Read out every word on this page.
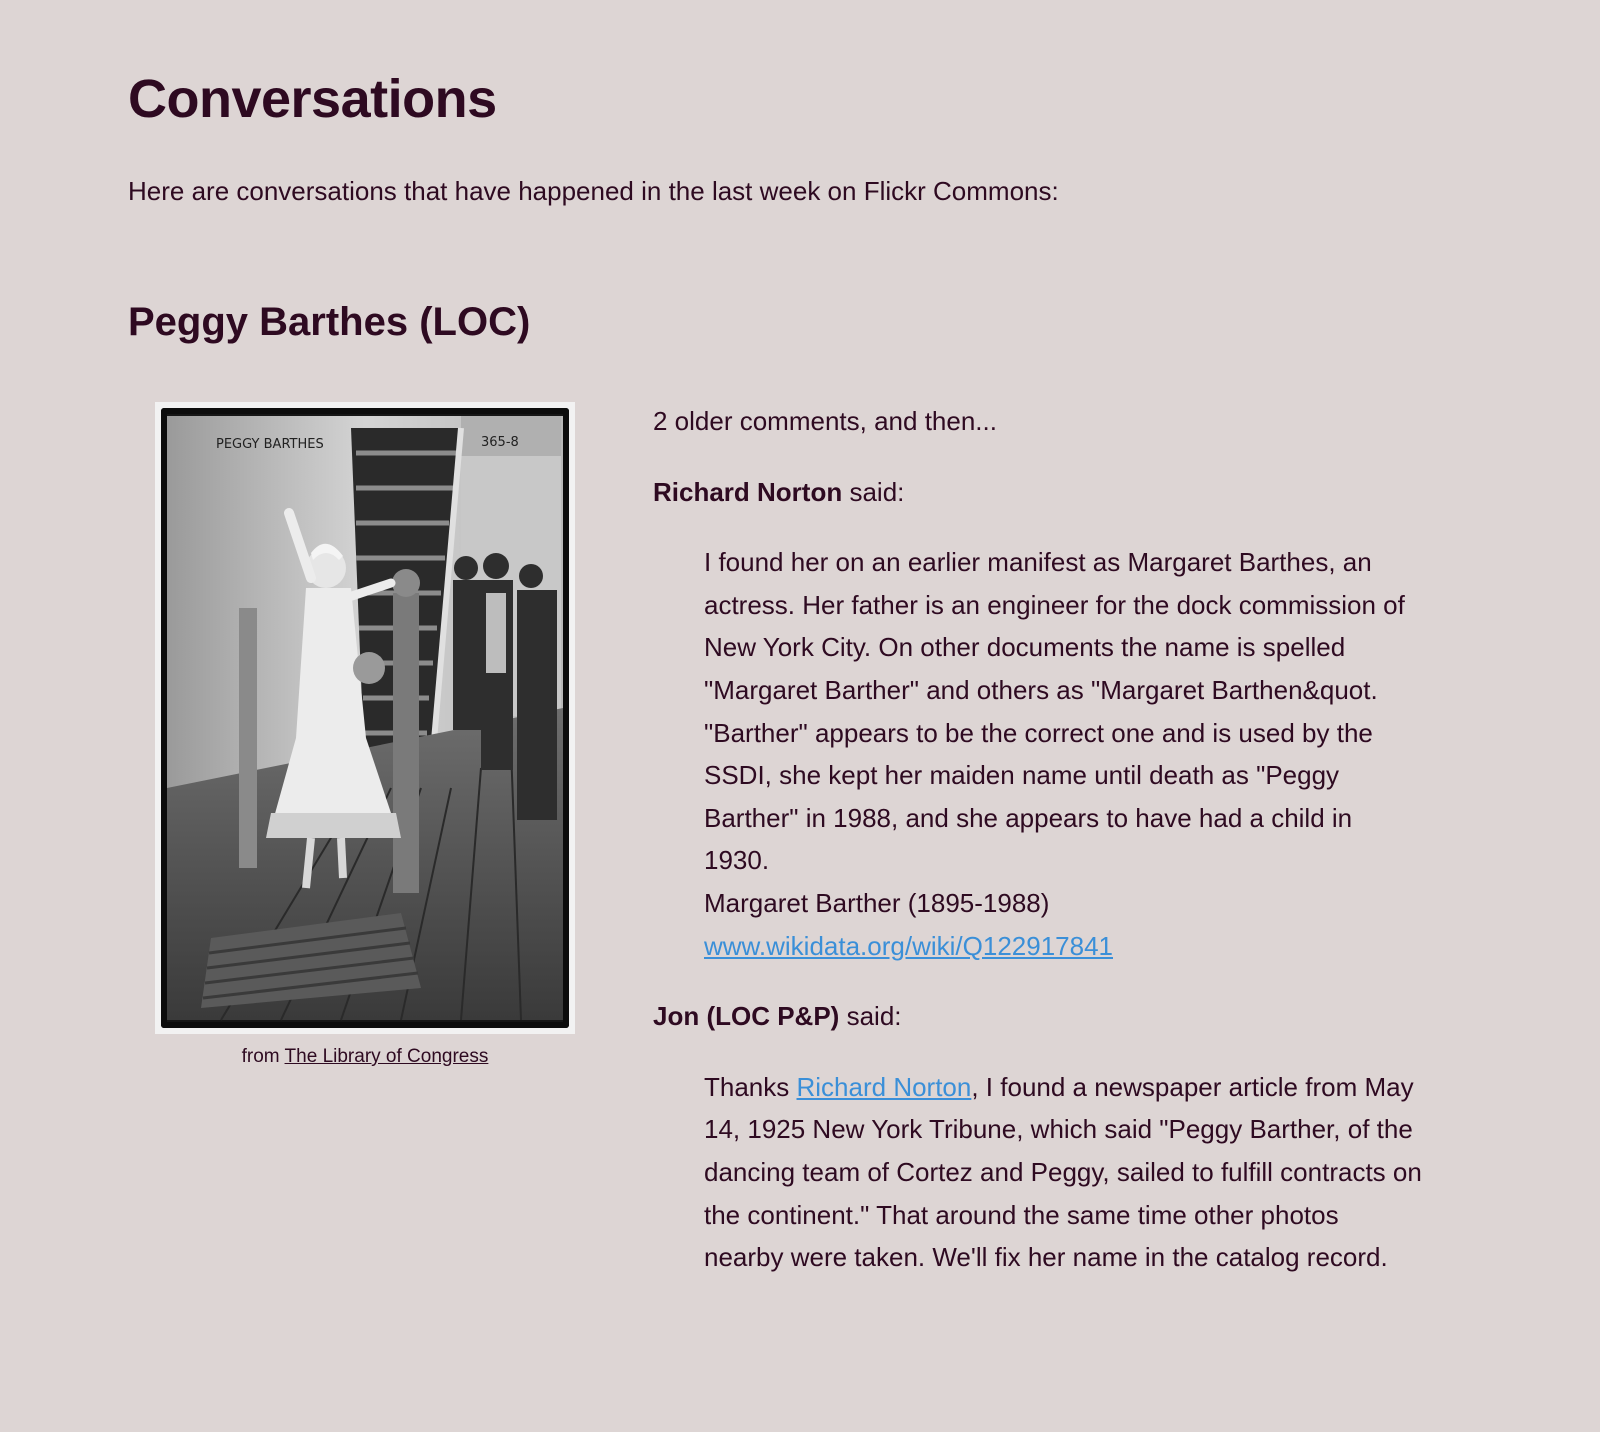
Conversations

Here are conversations that have happened in the last week on Flickr Commons:

Peggy Barthes (LOC)
PEGGY BARTHES	365-8
from The Library of Congress

2 older comments, and then...

Richard Norton said:

I found her on an earlier manifest as Margaret Barthes, an actress. Her father is an engineer for the dock commission of New York City. On other documents the name is spelled "Margaret Barther" and others as "Margaret Barthen&quot. "Barther" appears to be the correct one and is used by the SSDI, she kept her maiden name until death as "Peggy Barther" in 1988, and she appears to have had a child in 1930.
Margaret Barther (1895-1988)
www.wikidata.org/wiki/Q122917841

Jon (LOC P&P) said:

Thanks Richard Norton, I found a newspaper article from May 14, 1925 New York Tribune, which said "Peggy Barther, of the dancing team of Cortez and Peggy, sailed to fulfill contracts on the continent." That around the same time other photos nearby were taken. We'll fix her name in the catalog record.
